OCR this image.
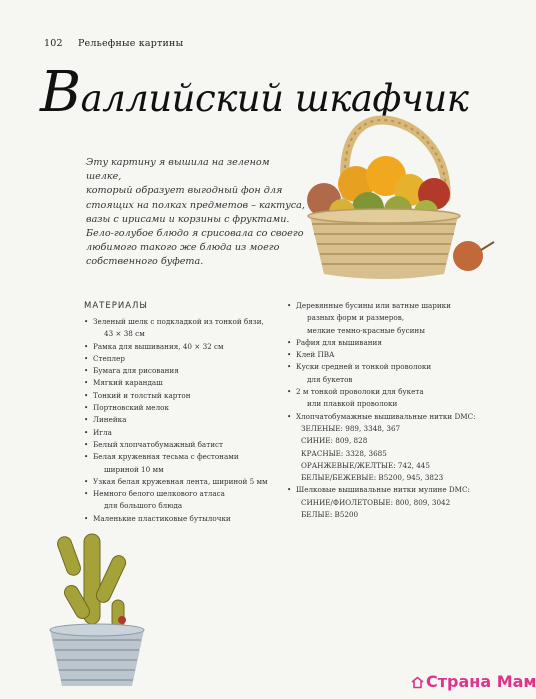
102 Рельефные картины
Валлийский шкафчик

Эту картину я вышила на зеленом шелке,

который образует выгодный фон для

стоящих на полках предметов – кактуса,

вазы с ирисами и корзины с фруктами.

Бело-голубое блюдо я срисовала со своего

любимого такого же блюда из моего

собственного буфета.

МАТЕРИАЛЫ
• Зеленый шелк с подкладкой из тонкой бязи,
43 × 38 см
• Рамка для вышивания, 40 × 32 см
• Степлер
• Бумага для рисования
• Мягкий карандаш
• Тонкий и толстый картон
• Портновский мелок
• Линейка
• Игла
• Белый хлопчатобумажный батист
• Белая кружевная тесьма с фестонами
шириной 10 мм
• Узкая белая кружевная лента, шириной 5 мм
• Немного белого шелкового атласа
для большого блюда
• Маленькие пластиковые бутылочки
• Деревянные бусины или ватные шарики
разных форм и размеров,
мелкие темно-красные бусины
• Рафия для вышивания
• Клей ПВА
• Куски средней и тонкой проволоки
для букетов
• 2 м тонкой проволоки для букета
или плавкой проволоки
• Хлопчатобумажные вышивальные нитки DMC:
ЗЕЛЕНЫЕ: 989, 3348, 367
СИНИЕ: 809, 828
КРАСНЫЕ: 3328, 3685
ОРАНЖЕВЫЕ/ЖЕЛТЫЕ: 742, 445
БЕЛЫЕ/БЕЖЕВЫЕ: B5200, 945, 3823
• Шелковые вышивальные нитки мулине DMC:
СИНИЕ/ФИОЛЕТОВЫЕ: 800, 809, 3042
БЕЛЫЕ: B5200
Страна Мам
